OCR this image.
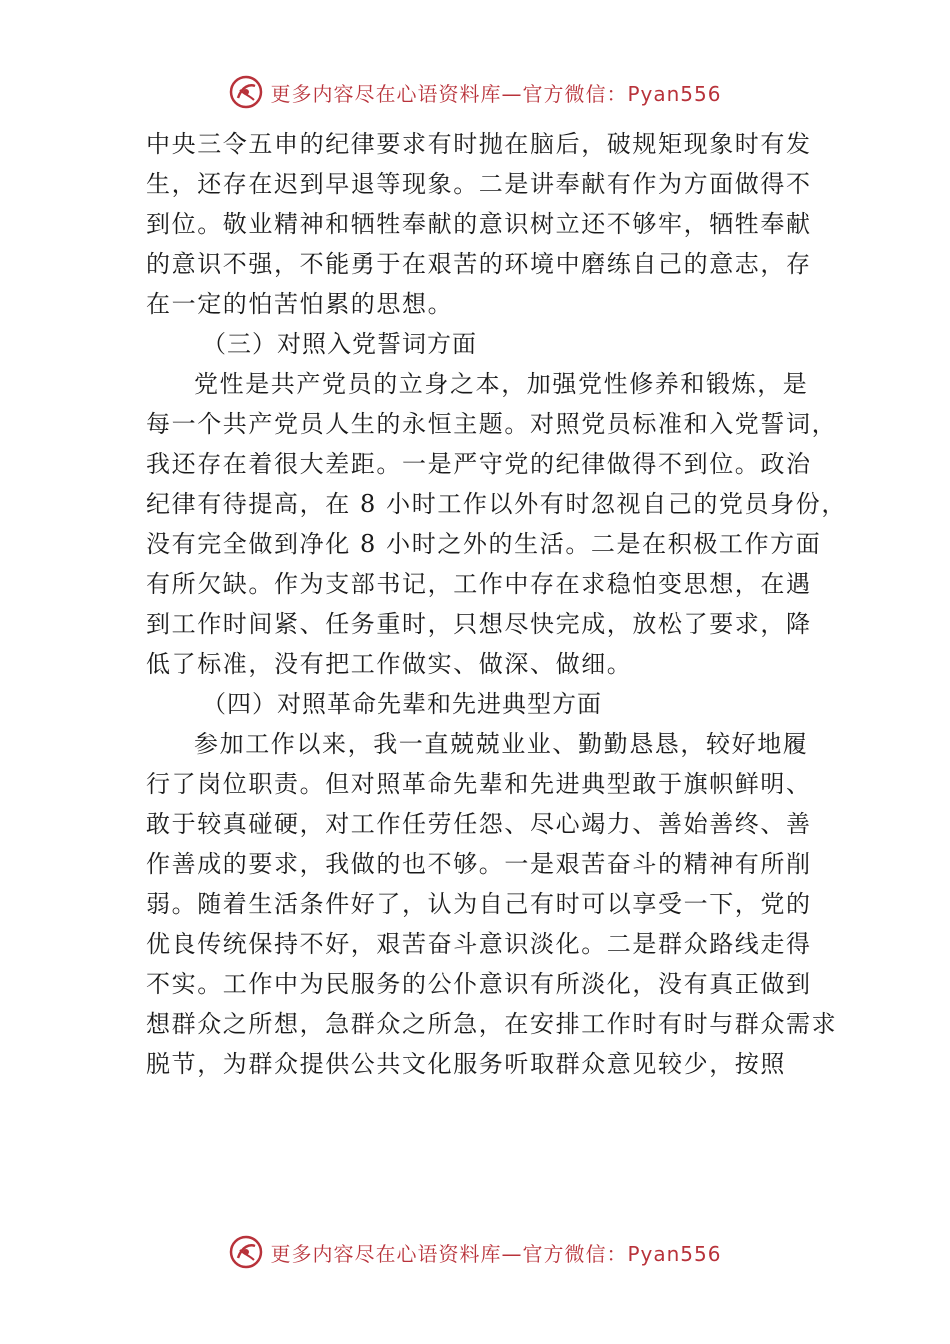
更多内容尽在心语资料库—官方微信：Pyan556
中央三令五申的纪律要求有时抛在脑后，破规矩现象时有发
生，还存在迟到早退等现象。二是讲奉献有作为方面做得不
到位。敬业精神和牺牲奉献的意识树立还不够牢，牺牲奉献
的意识不强，不能勇于在艰苦的环境中磨练自己的意志，存
在一定的怕苦怕累的思想。
（三）对照入党誓词方面
党性是共产党员的立身之本，加强党性修养和锻炼，是
每一个共产党员人生的永恒主题。对照党员标准和入党誓词，
我还存在着很大差距。一是严守党的纪律做得不到位。政治
纪律有待提高，在 8 小时工作以外有时忽视自己的党员身份，
没有完全做到净化 8 小时之外的生活。二是在积极工作方面
有所欠缺。作为支部书记，工作中存在求稳怕变思想，在遇
到工作时间紧、任务重时，只想尽快完成，放松了要求，降
低了标准，没有把工作做实、做深、做细。
（四）对照革命先辈和先进典型方面
参加工作以来，我一直兢兢业业、勤勤恳恳，较好地履
行了岗位职责。但对照革命先辈和先进典型敢于旗帜鲜明、
敢于较真碰硬，对工作任劳任怨、尽心竭力、善始善终、善
作善成的要求，我做的也不够。一是艰苦奋斗的精神有所削
弱。随着生活条件好了，认为自己有时可以享受一下，党的
优良传统保持不好，艰苦奋斗意识淡化。二是群众路线走得
不实。工作中为民服务的公仆意识有所淡化，没有真正做到
想群众之所想，急群众之所急，在安排工作时有时与群众需求
脱节，为群众提供公共文化服务听取群众意见较少，按照
更多内容尽在心语资料库—官方微信：Pyan556
